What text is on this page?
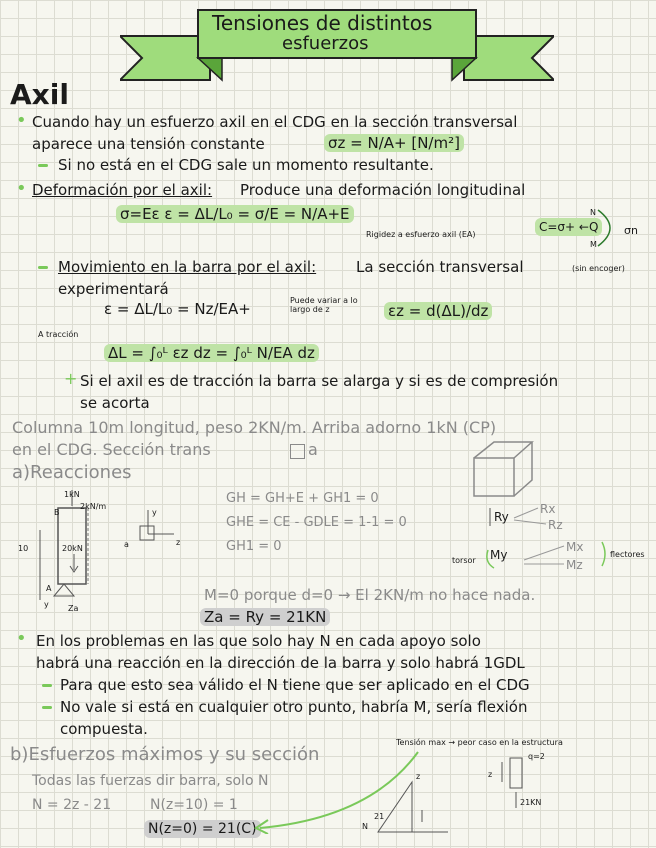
Tensiones de distintos
esfuerzos
Axil
• Cuando hay un esfuerzo axil en el CDG en la sección transversal
aparece una tensión constante	σz = N/A+ [N/m²]
Si no está en el CDG sale un momento resultante.
• Deformación por el axil: Produce una deformación longitudinal
σ=Eε ε = ΔL/L₀ = σ/E = N/A+E
Rigidez a esfuerzo axil (EA)
C=σ+ ←Q
N
M
σn
Movimiento en la barra por el axil:	La sección transversal	(sin encoger)
experimentará
ε = ΔL/L₀ = Nz/EA+	Puede variar a lo largo de z	εz = d(ΔL)/dz
A tracción
ΔL = ∫₀ᴸ εz dz = ∫₀ᴸ N/EA dz
+ Si el axil es de tracción la barra se alarga y si es de compresión
se acorta
Columna 10m longitud, peso 2KN/m. Arriba adorno 1kN (CP)
en el CDG. Sección trans	a
a)Reacciones
B
1kN
2kN/m
10	20kN
A
y Za
a
y
z
GH = GH+E + GH1 = 0
GHE = CE - GDLE = 1-1 = 0
GH1 = 0
Ry
Rx
Rz
torsor My
Mx
Mz
flectores
M=0 porque d=0 → El 2KN/m no hace nada.
Za = Ry = 21KN
• En los problemas en las que solo hay N en cada apoyo solo
habrá una reacción en la dirección de la barra y solo habrá 1GDL
Para que esto sea válido el N tiene que ser aplicado en el CDG
No vale si está en cualquier otro punto, habría M, sería flexión
compuesta.
b)Esfuerzos máximos y su sección
Tensión max → peor caso en la estructura
Todas las fuerzas dir barra, solo N
N = 2z - 21	N(z=10) = 1
N(z=0) = 21(C)
z
N
21
q=2
z
21KN
